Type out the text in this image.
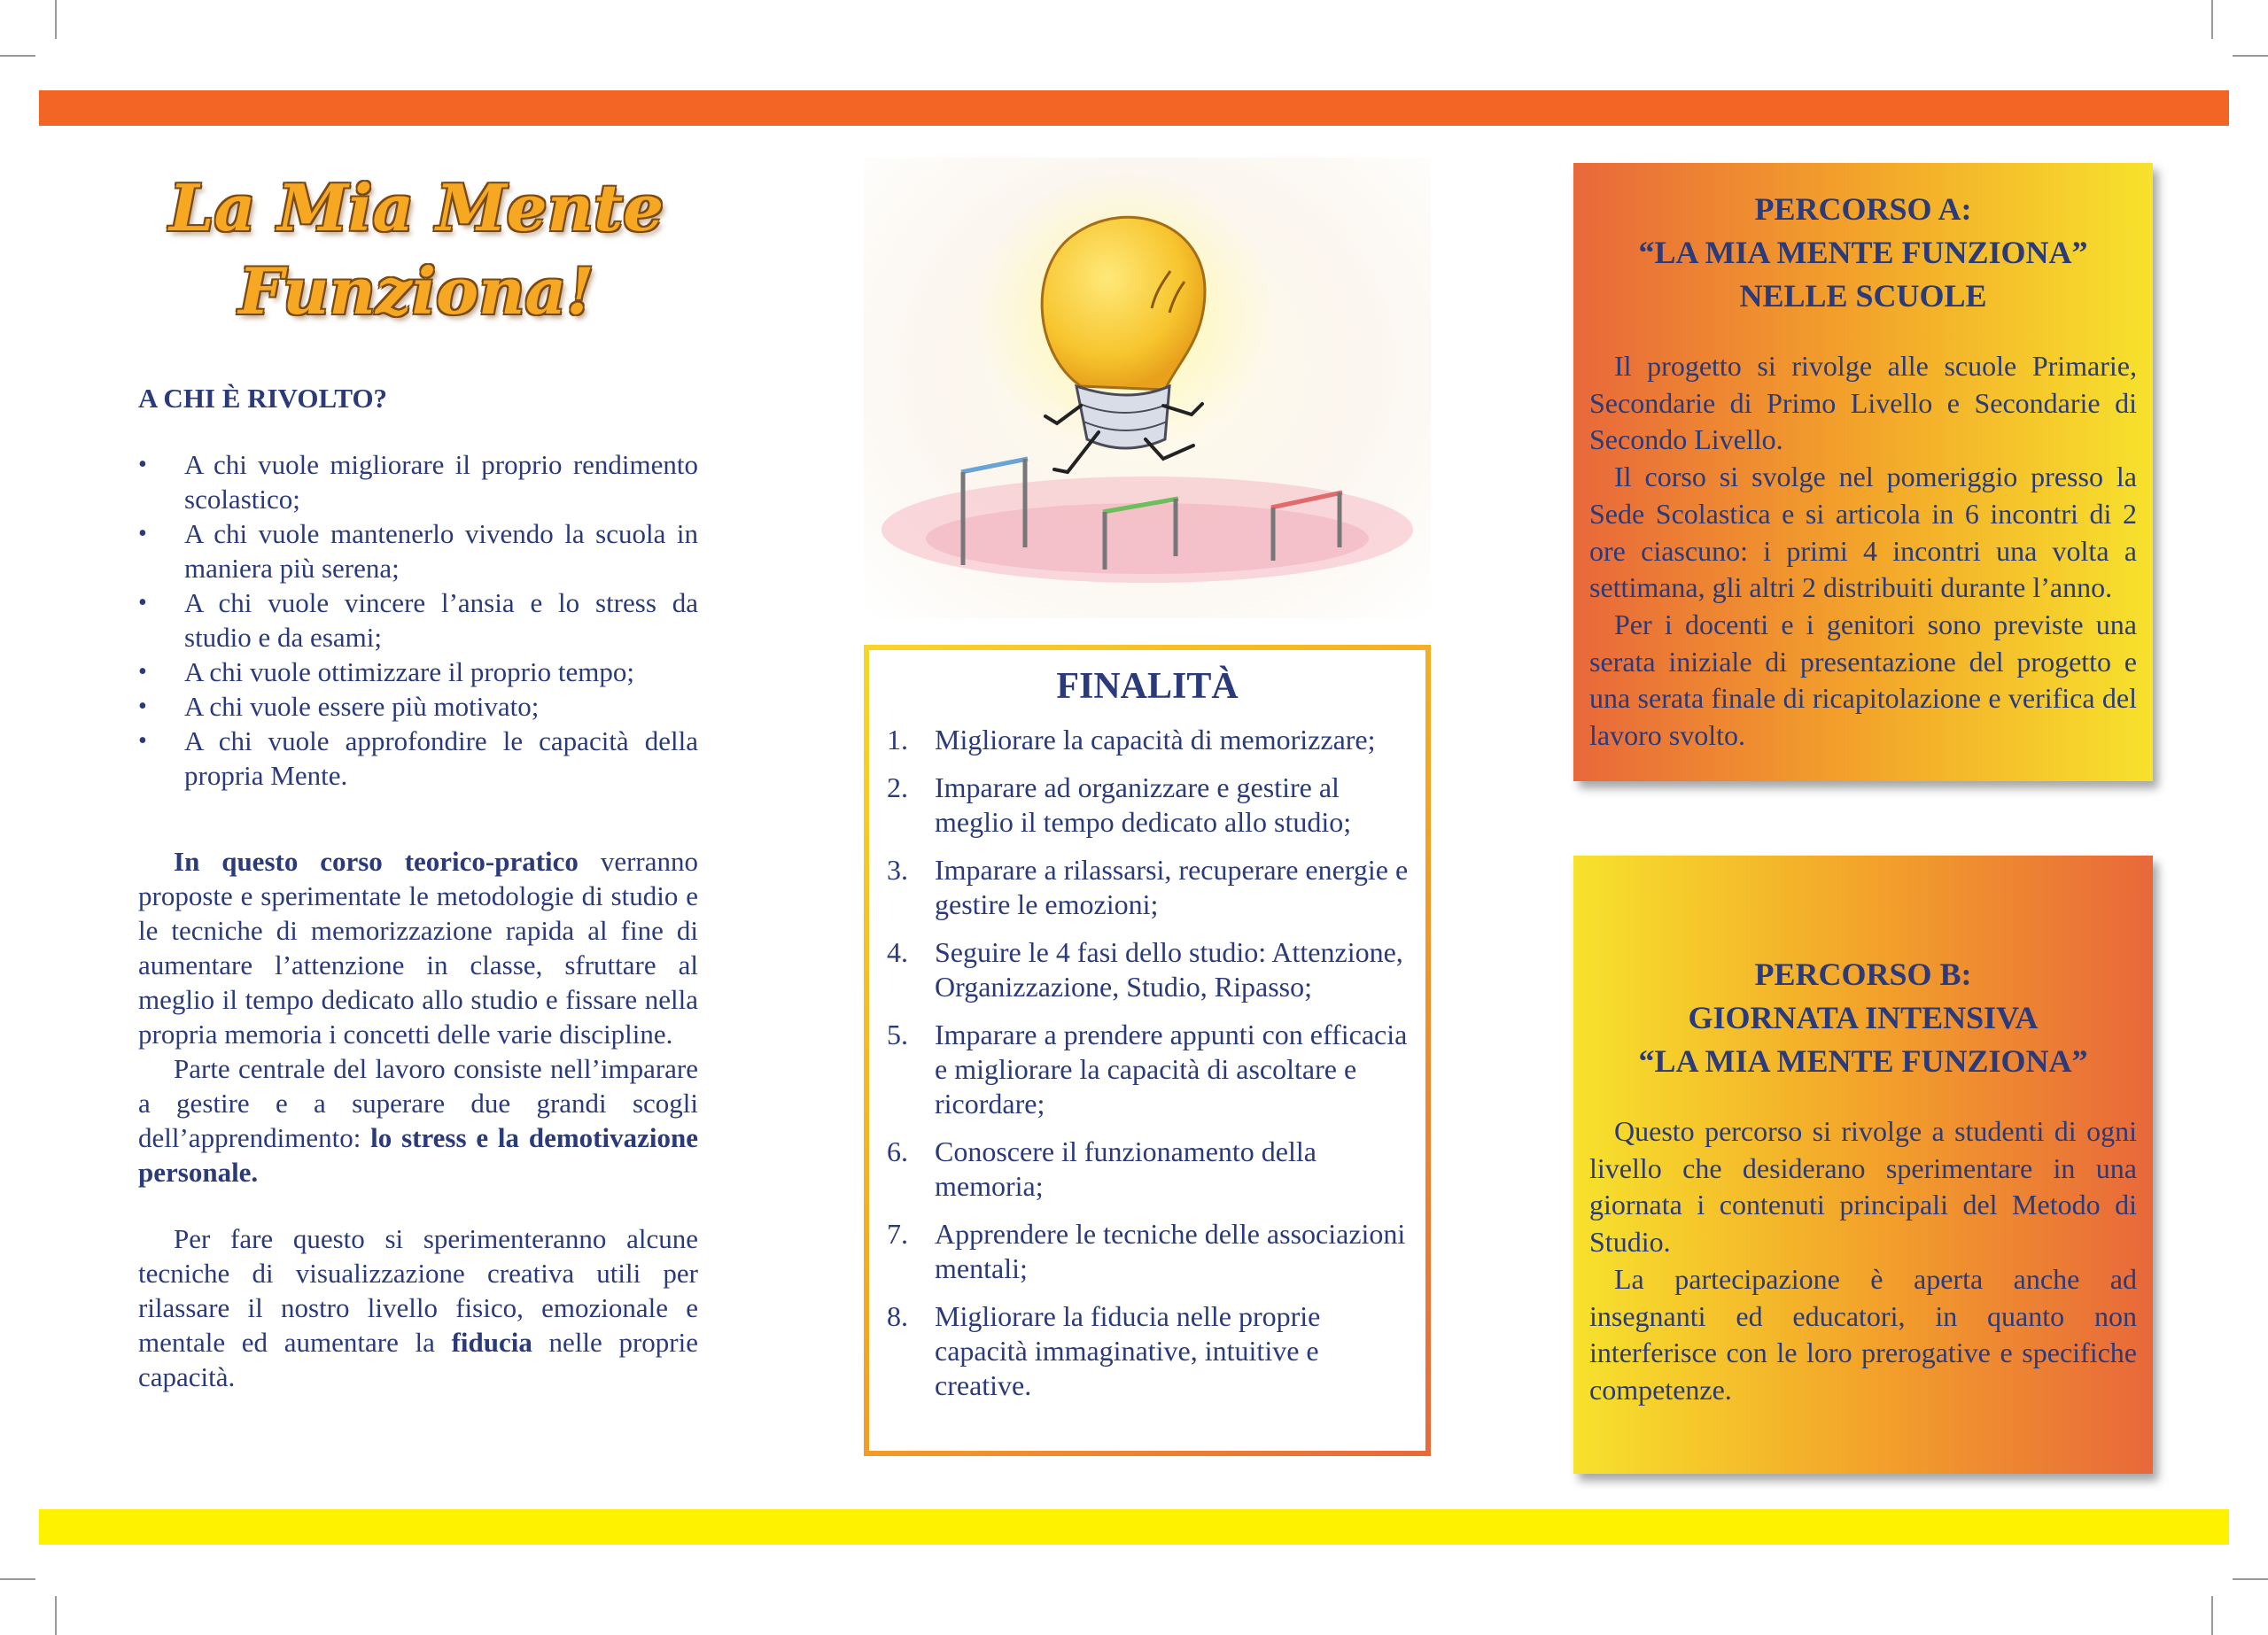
La Mia Mente
Funziona!
A CHI È RIVOLTO?
• A chi vuole migliorare il proprio rendimento scolastico;
• A chi vuole mantenerlo vivendo la scuola in maniera più serena;
• A chi vuole vincere l’ansia e lo stress da studio e da esami;
• A chi vuole ottimizzare il proprio tempo;
• A chi vuole essere più motivato;
• A chi vuole approfondire le capacità della propria Mente.

In questo corso teorico-pratico verranno proposte e sperimentate le metodologie di studio e le tecniche di memorizzazione rapida al fine di aumentare l’attenzione in classe, sfruttare al meglio il tempo dedicato allo studio e fissare nella propria memoria i concetti delle varie discipline.

Parte centrale del lavoro consiste nell’imparare a gestire e a superare due grandi scogli dell’apprendimento: lo stress e la demotivazione personale.

Per fare questo si sperimenteranno alcune tecniche di visualizzazione creativa utili per rilassare il nostro livello fisico, emozionale e mentale ed aumentare la fiducia nelle proprie capacità.

FINALITÀ
1. Migliorare la capacità di memorizzare;
2. Imparare ad organizzare e gestire al meglio il tempo dedicato allo studio;
3. Imparare a rilassarsi, recuperare energie e gestire le emozioni;
4. Seguire le 4 fasi dello studio: Attenzione, Organizzazione, Studio, Ripasso;
5. Imparare a prendere appunti con efficacia e migliorare la capacità di ascoltare e ricordare;
6. Conoscere il funzionamento della memoria;
7. Apprendere le tecniche delle associazioni mentali;
8. Migliorare la fiducia nelle proprie capacità immaginative, intuitive e creative.
PERCORSO A:
“LA MIA MENTE FUNZIONA”
NELLE SCUOLE

Il progetto si rivolge alle scuole Primarie, Secondarie di Primo Livello e Secondarie di Secondo Livello.

Il corso si svolge nel pomeriggio presso la Sede Scolastica e si articola in 6 incontri di 2 ore ciascuno: i primi 4 incontri una volta a settimana, gli altri 2 distribuiti durante l’anno.

Per i docenti e i genitori sono previste una serata iniziale di presentazione del progetto e una serata finale di ricapitolazione e verifica del lavoro svolto.

PERCORSO B:
GIORNATA INTENSIVA
“LA MIA MENTE FUNZIONA”

Questo percorso si rivolge a studenti di ogni livello che desiderano sperimentare in una giornata i contenuti principali del Metodo di Studio.

La partecipazione è aperta anche ad insegnanti ed educatori, in quanto non interferisce con le loro prerogative e specifiche competenze.
